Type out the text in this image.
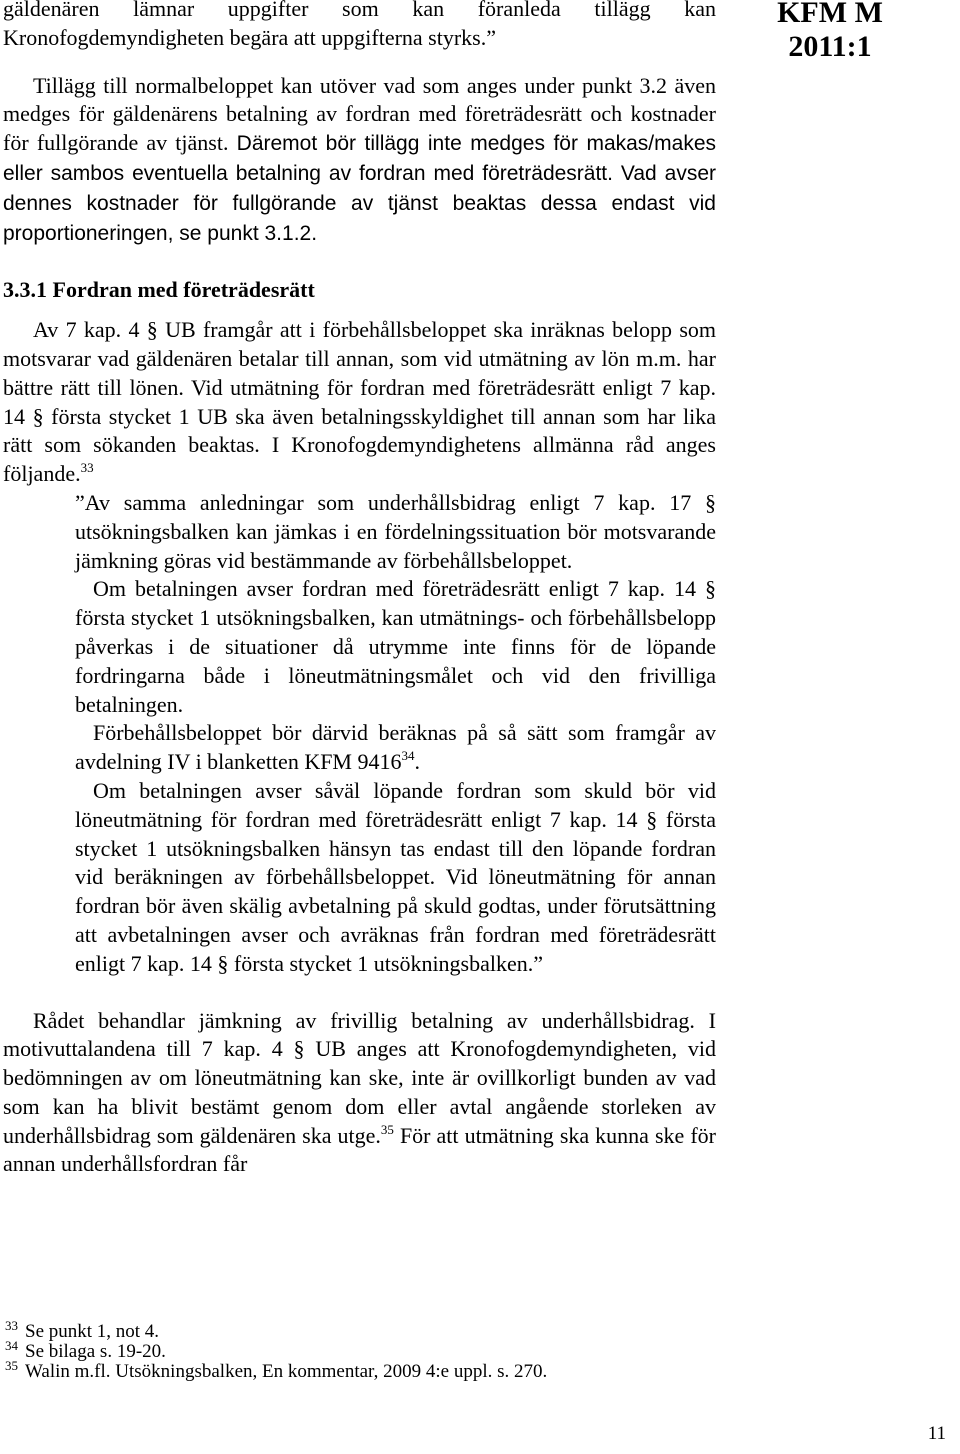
KFM M
2011:1

gäldenären lämnar uppgifter som kan föranleda tillägg kan Kronofogdemyndigheten begära att uppgifterna styrks.”

Tillägg till normalbeloppet kan utöver vad som anges under punkt 3.2 även medges för gäldenärens betalning av fordran med företrädesrätt och kostnader för fullgörande av tjänst. Däremot bör tillägg inte medges för makas/makes eller sambos eventuella betalning av fordran med företrädesrätt. Vad avser dennes kostnader för fullgörande av tjänst beaktas dessa endast vid proportioneringen, se punkt 3.1.2.

3.3.1 Fordran med företrädesrätt

Av 7 kap. 4 § UB framgår att i förbehållsbeloppet ska inräknas belopp som motsvarar vad gäldenären betalar till annan, som vid utmätning av lön m.m. har bättre rätt till lönen. Vid utmätning för fordran med företrädesrätt enligt 7 kap. 14 § första stycket 1 UB ska även betalningsskyldighet till annan som har lika rätt som sökanden beaktas. I Kronofogdemyndighetens allmänna råd anges följande.$^{33}$

”Av samma anledningar som underhållsbidrag enligt 7 kap. 17 § utsökningsbalken kan jämkas i en fördelningssituation bör motsvarande jämkning göras vid bestämmande av förbehållsbeloppet.

Om betalningen avser fordran med företrädesrätt enligt 7 kap. 14 § första stycket 1 utsökningsbalken, kan utmätnings- och förbehållsbelopp påverkas i de situationer då utrymme inte finns för de löpande fordringarna både i löneutmätningsmålet och vid den frivilliga betalningen.

Förbehållsbeloppet bör därvid beräknas på så sätt som framgår av avdelning IV i blanketten KFM 9416$^{34}$.

Om betalningen avser såväl löpande fordran som skuld bör vid löneutmätning för fordran med företrädesrätt enligt 7 kap. 14 § första stycket 1 utsökningsbalken hänsyn tas endast till den löpande fordran vid beräkningen av förbehållsbeloppet. Vid löneutmätning för annan fordran bör även skälig avbetalning på skuld godtas, under förutsättning att avbetalningen avser och avräknas från fordran med företrädesrätt enligt 7 kap. 14 § första stycket 1 utsökningsbalken.”

Rådet behandlar jämkning av frivillig betalning av underhållsbidrag. I motivuttalandena till 7 kap. 4 § UB anges att Kronofogdemyndigheten, vid bedömningen av om löneutmätning kan ske, inte är ovillkorligt bunden av vad som kan ha blivit bestämt genom dom eller avtal angående storleken av underhållsbidrag som gäldenären ska utge.$^{35}$ För att utmätning ska kunna ske för annan underhållsfordran får

33 Se punkt 1, not 4.
34 Se bilaga s. 19-20.
35 Walin m.fl. Utsökningsbalken, En kommentar, 2009 4:e uppl. s. 270.
11
